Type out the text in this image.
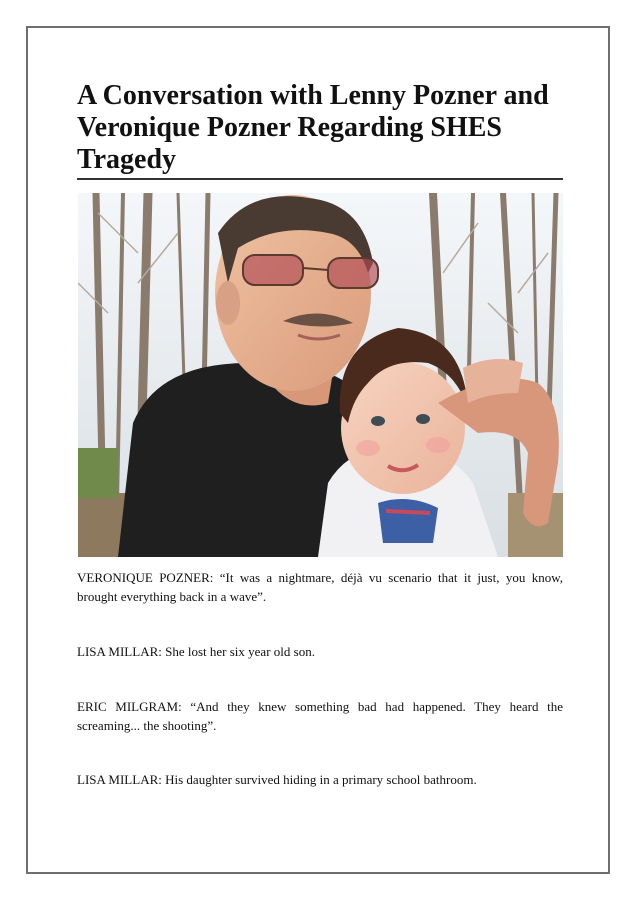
A Conversation with Lenny Pozner and Veronique Pozner Regarding SHES Tragedy

VERONIQUE POZNER: “It was a nightmare, déjà vu scenario that it just, you know, brought everything back in a wave”.

LISA MILLAR: She lost her six year old son.

ERIC MILGRAM: “And they knew something bad had happened. They heard the screaming... the shooting”.

LISA MILLAR: His daughter survived hiding in a primary school bathroom.
